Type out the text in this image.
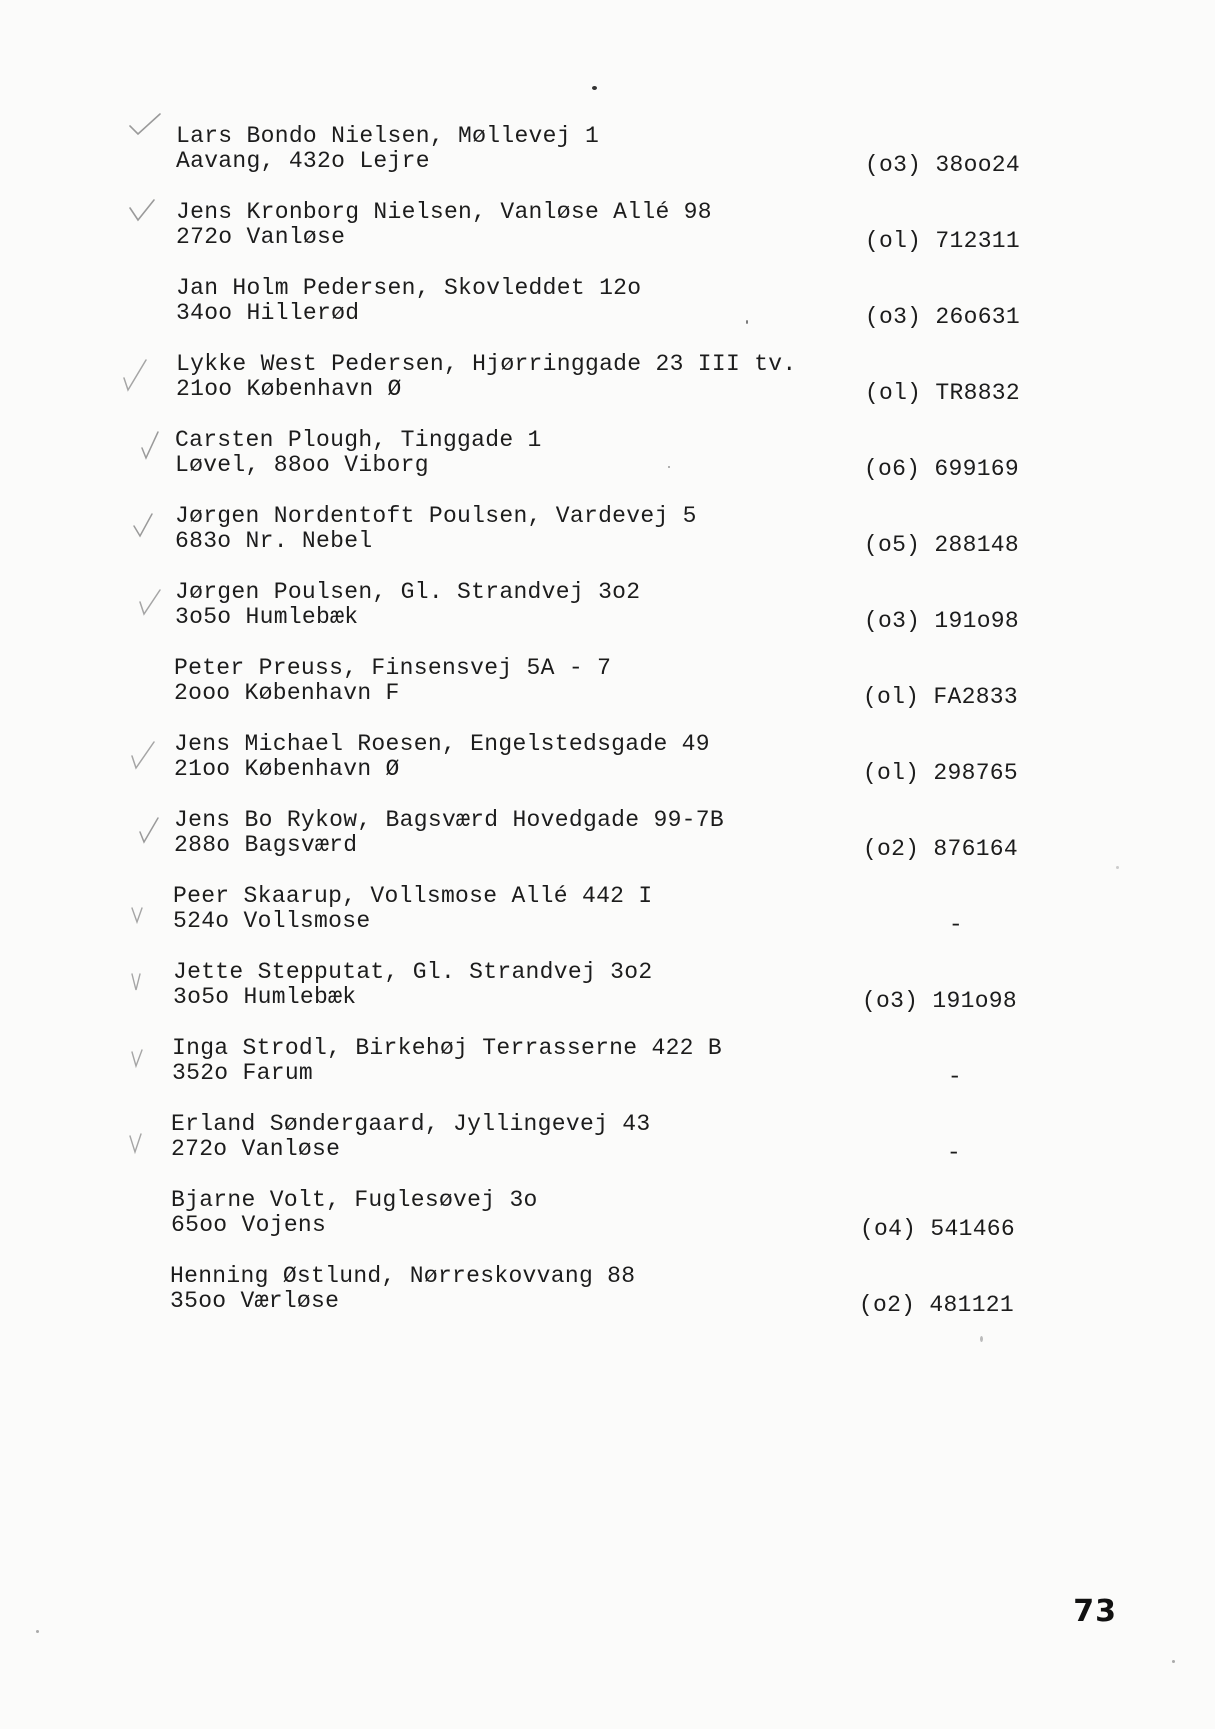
Lars Bondo Nielsen, Møllevej 1
Aavang, 432o Lejre	(o3) 38oo24
Jens Kronborg Nielsen, Vanløse Allé 98
272o Vanløse	(ol) 712311
Jan Holm Pedersen, Skovleddet 12o
34oo Hillerød	(o3) 26o631
Lykke West Pedersen, Hjørringgade 23 III tv.
21oo København Ø	(ol) TR8832
Carsten Plough, Tinggade 1
Løvel, 88oo Viborg	(o6) 699169
Jørgen Nordentoft Poulsen, Vardevej 5
683o Nr. Nebel	(o5) 288148
Jørgen Poulsen, Gl. Strandvej 3o2
3o5o Humlebæk	(o3) 191o98
Peter Preuss, Finsensvej 5A - 7
2ooo København F	(ol) FA2833
Jens Michael Roesen, Engelstedsgade 49
21oo København Ø	(ol) 298765
Jens Bo Rykow, Bagsværd Hovedgade 99-7B
288o Bagsværd	(o2) 876164
Peer Skaarup, Vollsmose Allé 442 I
524o Vollsmose	-
Jette Stepputat, Gl. Strandvej 3o2
3o5o Humlebæk	(o3) 191o98
Inga Strodl, Birkehøj Terrasserne 422 B
352o Farum	-
Erland Søndergaard, Jyllingevej 43
272o Vanløse	-
Bjarne Volt, Fuglesøvej 3o
65oo Vojens	(o4) 541466
Henning Østlund, Nørreskovvang 88
35oo Værløse	(o2) 481121
73
